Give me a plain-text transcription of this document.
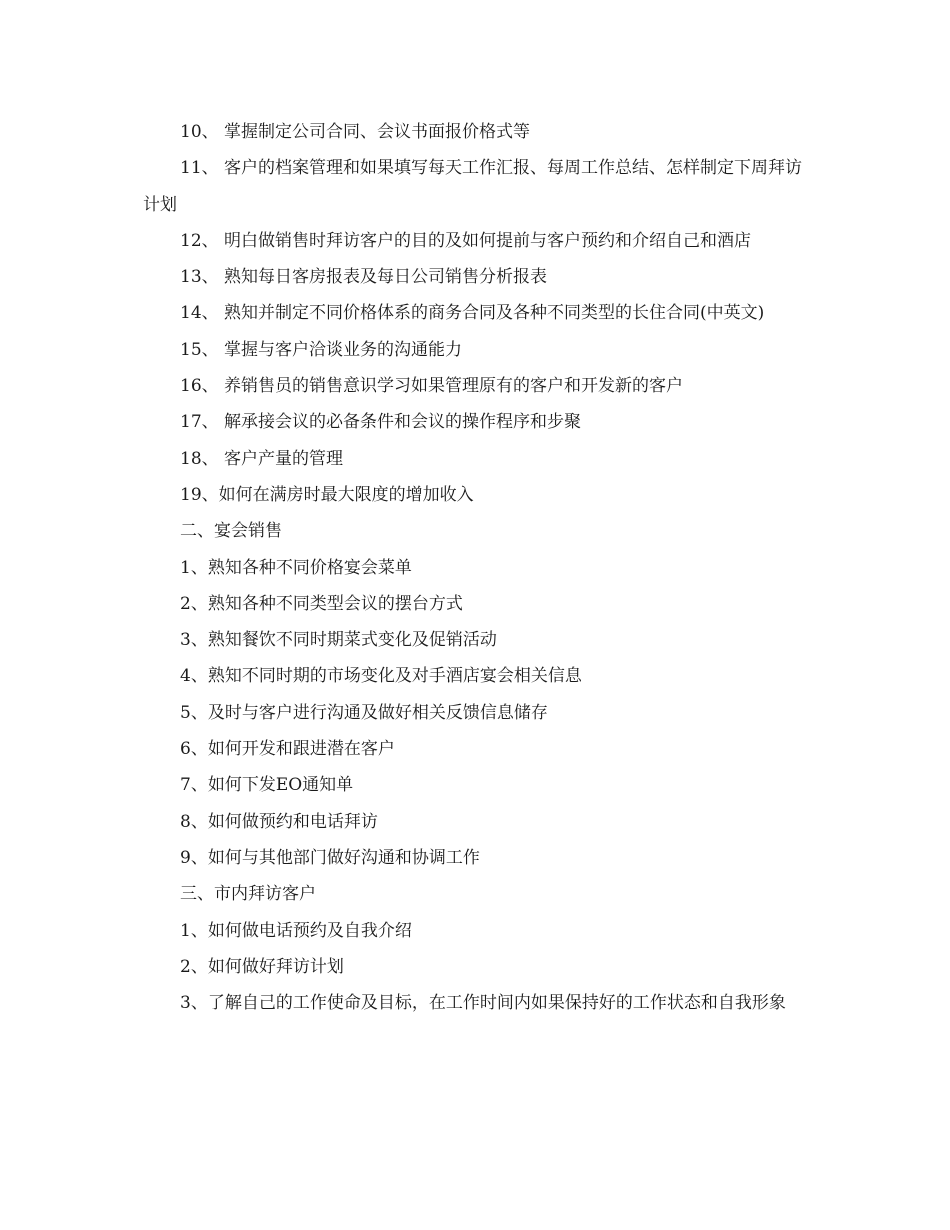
10、 掌握制定公司合同、会议书面报价格式等

11、 客户的档案管理和如果填写每天工作汇报、每周工作总结、怎样制定下周拜访计划

12、 明白做销售时拜访客户的目的及如何提前与客户预约和介绍自己和酒店

13、 熟知每日客房报表及每日公司销售分析报表

14、 熟知并制定不同价格体系的商务合同及各种不同类型的长住合同(中英文)

15、 掌握与客户洽谈业务的沟通能力

16、 养销售员的销售意识学习如果管理原有的客户和开发新的客户

17、 解承接会议的必备条件和会议的操作程序和步聚

18、 客户产量的管理

19、如何在满房时最大限度的增加收入

二、宴会销售

1、熟知各种不同价格宴会菜单

2、熟知各种不同类型会议的摆台方式

3、熟知餐饮不同时期菜式变化及促销活动

4、熟知不同时期的市场变化及对手酒店宴会相关信息

5、及时与客户进行沟通及做好相关反馈信息储存

6、如何开发和跟进潜在客户

7、如何下发EO通知单

8、如何做预约和电话拜访

9、如何与其他部门做好沟通和协调工作

三、市内拜访客户

1、如何做电话预约及自我介绍

2、如何做好拜访计划

3、了解自己的工作使命及目标，在工作时间内如果保持好的工作状态和自我形象
